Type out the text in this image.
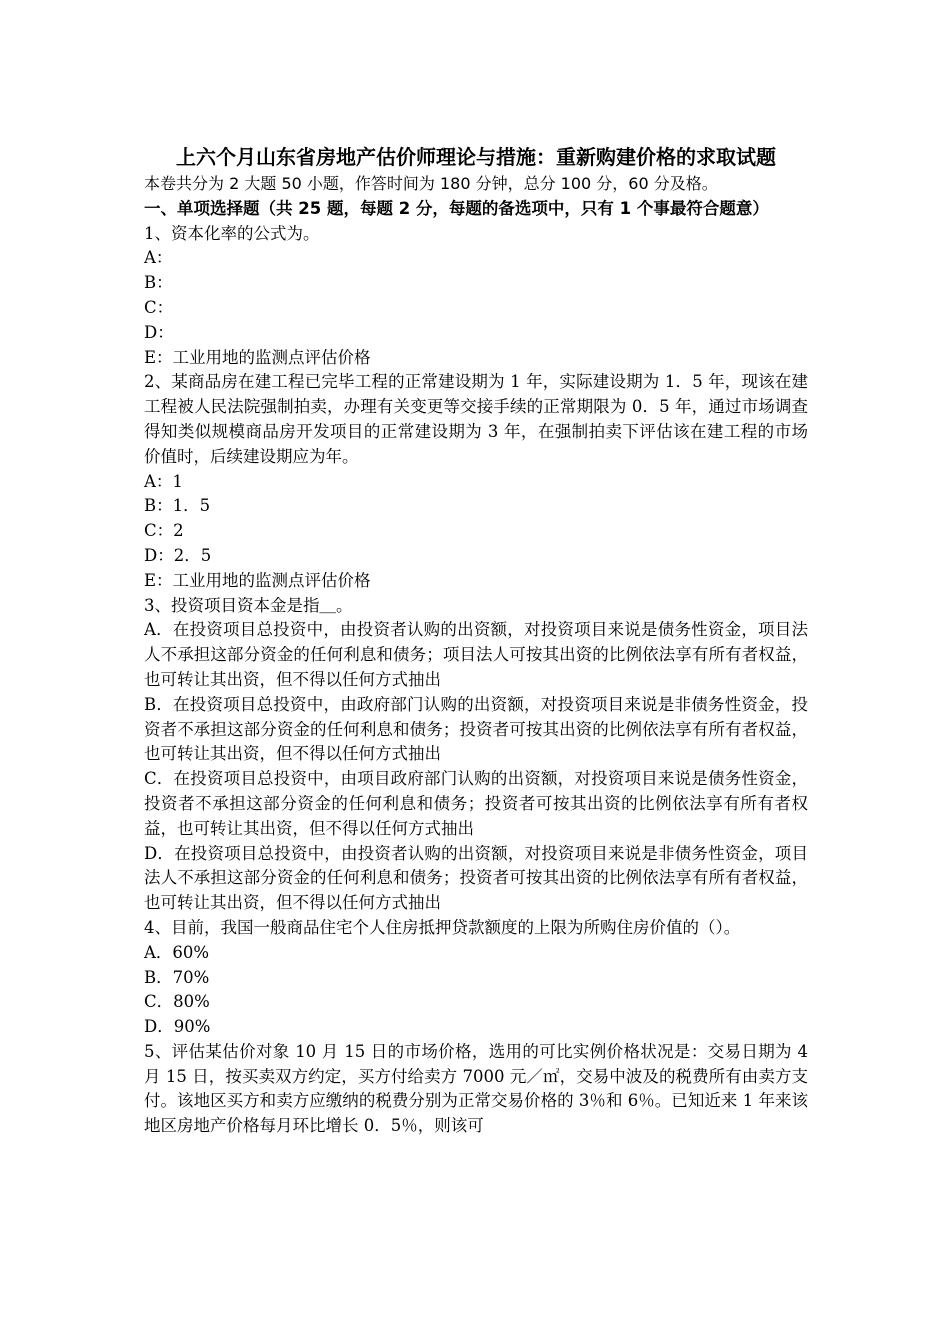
上六个月山东省房地产估价师理论与措施：重新购建价格的求取试题

本卷共分为 2 大题 50 小题，作答时间为 180 分钟，总分 100 分，60 分及格。

一、单项选择题（共 25 题，每题 2 分，每题的备选项中，只有 1 个事最符合题意）

1、资本化率的公式为。

A：

B：

C：

D：

E：工业用地的监测点评估价格

2、某商品房在建工程已完毕工程的正常建设期为 1 年，实际建设期为 1．5 年，现该在建工程被人民法院强制拍卖，办理有关变更等交接手续的正常期限为 0．5 年，通过市场调查得知类似规模商品房开发项目的正常建设期为 3 年，在强制拍卖下评估该在建工程的市场价值时，后续建设期应为年。

A：1

B：1．5

C：2

D：2．5

E：工业用地的监测点评估价格

3、投资项目资本金是指＿。

A．在投资项目总投资中，由投资者认购的出资额，对投资项目来说是债务性资金，项目法人不承担这部分资金的任何利息和债务；项目法人可按其出资的比例依法享有所有者权益，也可转让其出资，但不得以任何方式抽出

B．在投资项目总投资中，由政府部门认购的出资额，对投资项目来说是非债务性资金，投资者不承担这部分资金的任何利息和债务；投资者可按其出资的比例依法享有所有者权益，也可转让其出资，但不得以任何方式抽出

C．在投资项目总投资中，由项目政府部门认购的出资额，对投资项目来说是债务性资金，投资者不承担这部分资金的任何利息和债务；投资者可按其出资的比例依法享有所有者权益，也可转让其出资，但不得以任何方式抽出

D．在投资项目总投资中，由投资者认购的出资额，对投资项目来说是非债务性资金，项目法人不承担这部分资金的任何利息和债务；投资者可按其出资的比例依法享有所有者权益，也可转让其出资，但不得以任何方式抽出

4、目前，我国一般商品住宅个人住房抵押贷款额度的上限为所购住房价值的（）。

A．60%

B．70%

C．80%

D．90%

5、评估某估价对象 10 月 15 日的市场价格，选用的可比实例价格状况是：交易日期为 4 月 15 日，按买卖双方约定，买方付给卖方 7000 元／㎡，交易中波及的税费所有由卖方支付。该地区买方和卖方应缴纳的税费分别为正常交易价格的 3％和 6％。已知近来 1 年来该地区房地产价格每月环比增长 0．5％，则该可
